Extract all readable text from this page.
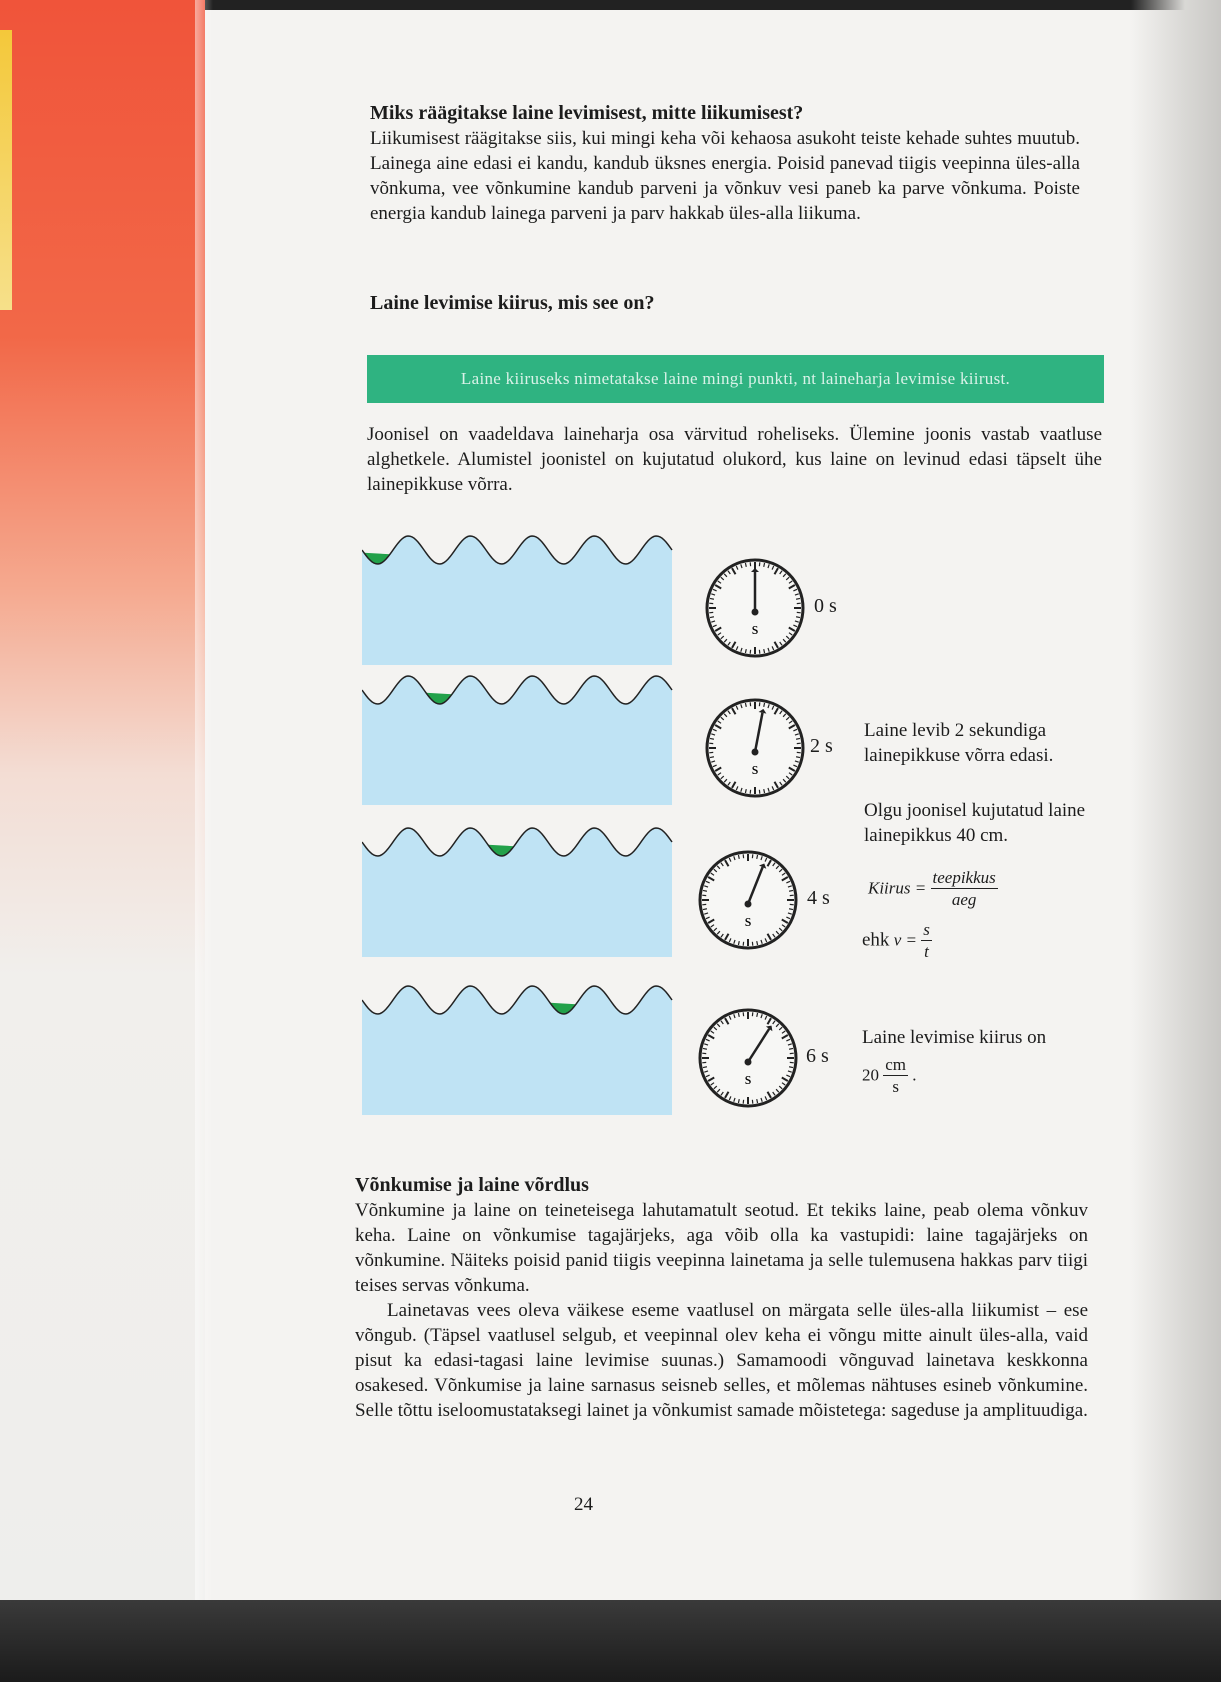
Miks räägitakse laine levimisest, mitte liikumisest?

Liikumisest räägitakse siis, kui mingi keha või kehaosa asukoht teiste kehade suhtes muutub. Lainega aine edasi ei kandu, kandub üksnes energia. Poisid panevad tiigis veepinna üles-alla võnkuma, vee võnkumine kandub parveni ja võnkuv vesi paneb ka parve võnkuma. Poiste energia kandub lainega parveni ja parv hakkab üles-alla liikuma.

Laine levimise kiirus, mis see on?
Laine kiiruseks nimetatakse laine mingi punkti, nt laineharja levimise kiirust.

Joonisel on vaadeldava laineharja osa värvitud roheliseks. Ülemine joonis vastab vaatluse alghetkele. Alumistel joonistel on kujutatud olukord, kus laine on levinud edasi täpselt ühe lainepikkuse võrra.

s
0 s
s
2 s
s
4 s
s
6 s
Laine levib 2 sekundiga lainepikkuse võrra edasi.
Olgu joonisel kujutatud laine lainepikkus 40 cm.
Kiirus = $\frac{\text{teepikkus}}{\text{aeg}}$
ehk $v = \frac{s}{t}$
Laine levimise kiirus on
$20 \frac{cm}{s}$ .
Võnkumise ja laine võrdlus

Võnkumine ja laine on teineteisega lahutamatult seotud. Et tekiks laine, peab olema võnkuv keha. Laine on võnkumise tagajärjeks, aga võib olla ka vastupidi: laine tagajärjeks on võnkumine. Näiteks poisid panid tiigis veepinna lainetama ja selle tulemusena hakkas parv tiigi teises servas võnkuma.

Lainetavas vees oleva väikese eseme vaatlusel on märgata selle üles-alla liikumist – ese võngub. (Täpsel vaatlusel selgub, et veepinnal olev keha ei võngu mitte ainult üles-alla, vaid pisut ka edasi-tagasi laine levimise suunas.) Samamoodi võnguvad lainetava keskkonna osakesed. Võnkumise ja laine sarnasus seisneb selles, et mõlemas nähtuses esineb võnkumine. Selle tõttu iseloomustataksegi lainet ja võnkumist samade mõistetega: sageduse ja amplituudiga.

24
